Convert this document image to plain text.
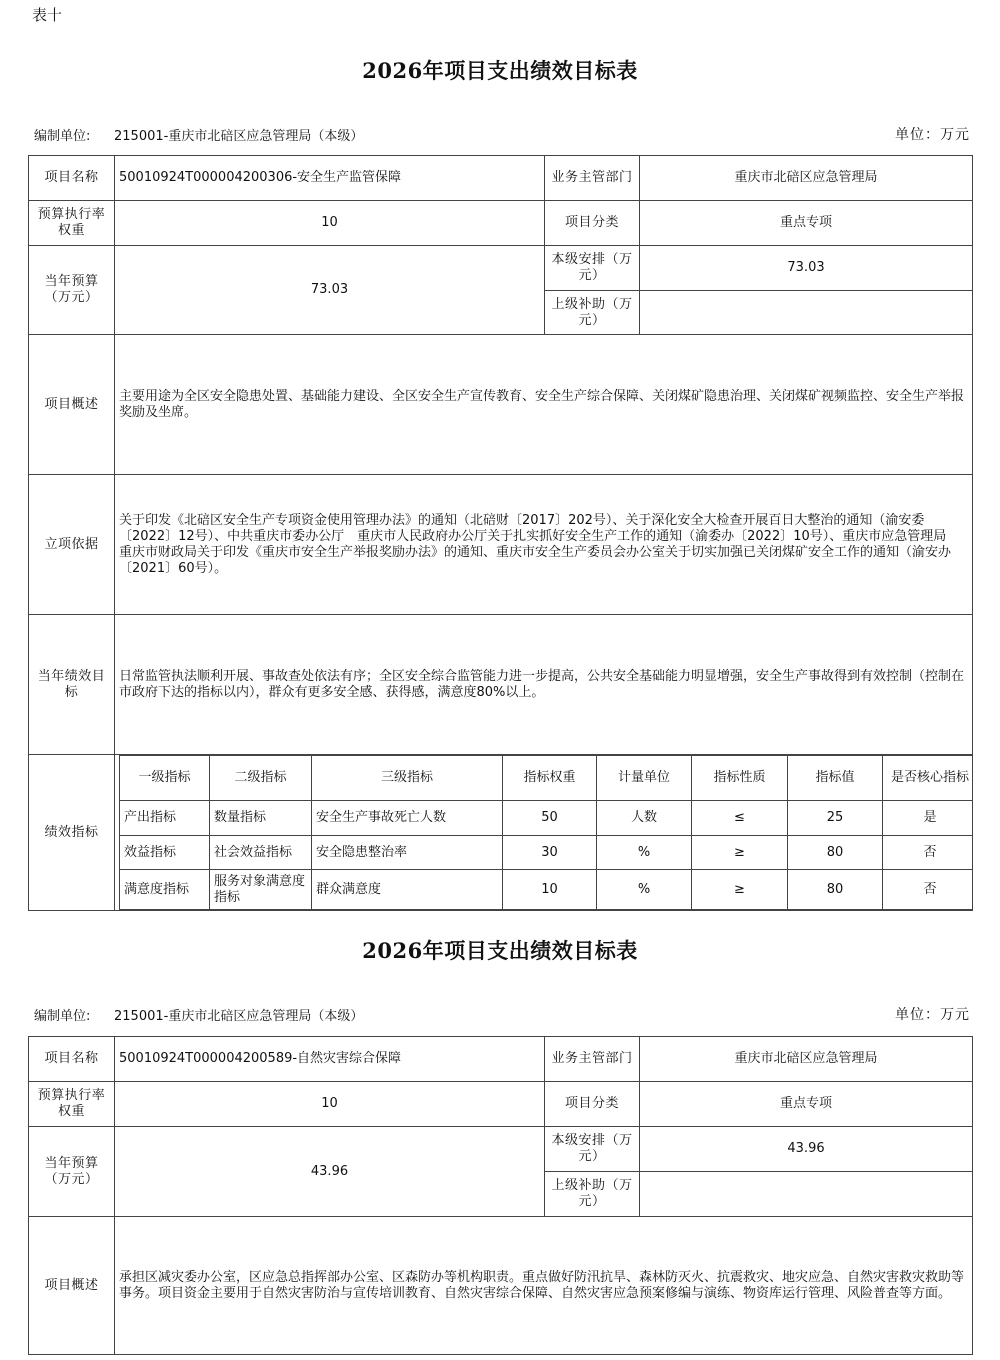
表十
2026年项目支出绩效目标表
编制单位: 215001-重庆市北碚区应急管理局（本级）	单位：万元
项目名称	50010924T000004200306-安全生产监管保障	业务主管部门	重庆市北碚区应急管理局
预算执行率权重	10	项目分类	重点专项
当年预算（万元）	73.03	本级安排（万元）	73.03
上级补助（万元）	
项目概述	主要用途为全区安全隐患处置、基础能力建设、全区安全生产宣传教育、安全生产综合保障、关闭煤矿隐患治理、关闭煤矿视频监控、安全生产举报奖励及坐席。
立项依据	关于印发《北碚区安全生产专项资金使用管理办法》的通知（北碚财〔2017〕202号）、关于深化安全大检查开展百日大整治的通知（渝安委〔2022〕12号）、中共重庆市委办公厅　重庆市人民政府办公厅关于扎实抓好安全生产工作的通知（渝委办〔2022〕10号）、重庆市应急管理局　重庆市财政局关于印发《重庆市安全生产举报奖励办法》的通知、重庆市安全生产委员会办公室关于切实加强已关闭煤矿安全工作的通知（渝安办〔2021〕60号）。
当年绩效目标	日常监管执法顺利开展、事故查处依法有序；全区安全综合监管能力进一步提高，公共安全基础能力明显增强，安全生产事故得到有效控制（控制在市政府下达的指标以内），群众有更多安全感、获得感，满意度80%以上。
绩效指标	
一级指标	二级指标	三级指标	指标权重	计量单位	指标性质	指标值	是否核心指标
产出指标	数量指标	安全生产事故死亡人数	50	人数	≤	25	是
效益指标	社会效益指标	安全隐患整治率	30	%	≥	80	否
满意度指标	服务对象满意度指标	群众满意度	10	%	≥	80	否
2026年项目支出绩效目标表
编制单位: 215001-重庆市北碚区应急管理局（本级）	单位：万元
项目名称	50010924T000004200589-自然灾害综合保障	业务主管部门	重庆市北碚区应急管理局
预算执行率权重	10	项目分类	重点专项
当年预算（万元）	43.96	本级安排（万元）	43.96
		上级补助（万元）	
项目概述	承担区减灾委办公室，区应急总指挥部办公室、区森防办等机构职责。重点做好防汛抗旱、森林防灭火、抗震救灾、地灾应急、自然灾害救灾救助等事务。项目资金主要用于自然灾害防治与宣传培训教育、自然灾害综合保障、自然灾害应急预案修编与演练、物资库运行管理、风险普查等方面。		
